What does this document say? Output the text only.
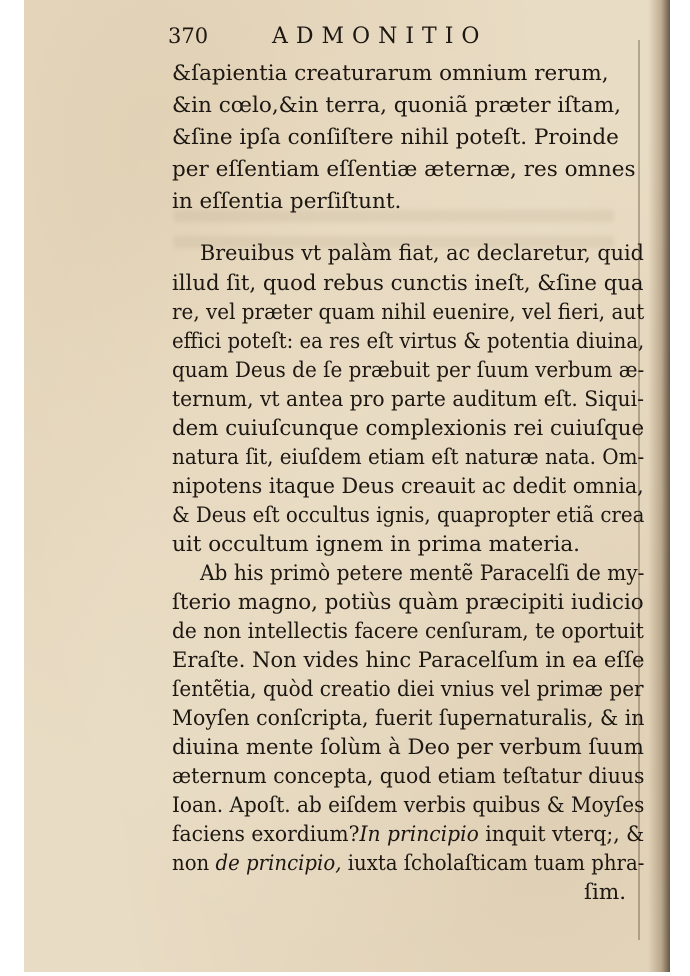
370	ADMONITIO
&ſapientia creaturarum omnium rerum,
&in cœlo,&in terra, quoniã præter iſtam,
&ſine ipſa conſiſtere nihil poteſt. Proinde
per eſſentiam eſſentiæ æternæ, res omnes
in eſſentia perſiſtunt.
Breuibus vt palàm fiat, ac declaretur, quid
illud ſit, quod rebus cunctis ineſt, &ſine qua
re, vel præter quam nihil euenire, vel fieri, aut
effici poteſt: ea res eſt virtus & potentia diuina,
quam Deus de ſe præbuit per ſuum verbum æ-
ternum, vt antea pro parte auditum eſt. Siqui-
dem cuiuſcunque complexionis rei cuiuſque
natura ſit, eiuſdem etiam eſt naturæ nata. Om-
nipotens itaque Deus creauit ac dedit omnia,
& Deus eſt occultus ignis, quapropter etiã crea
uit occultum ignem in prima materia.
Ab his primò petere mentẽ Paracelſi de my-
ſterio magno, potiùs quàm præcipiti iudicio
de non intellectis facere cenſuram, te oportuit
Eraſte. Non vides hinc Paracelſum in ea eſſe
ſentẽtia, quòd creatio diei vnius vel primæ per
Moyſen conſcripta, fuerit ſupernaturalis, & in
diuina mente ſolùm à Deo per verbum ſuum
æternum concepta, quod etiam teſtatur diuus
Ioan. Apoſt. ab eiſdem verbis quibus & Moyſes
faciens exordium?In principio inquit vterq;, &
non de principio, iuxta ſcholaſticam tuam phra-
ſim.
